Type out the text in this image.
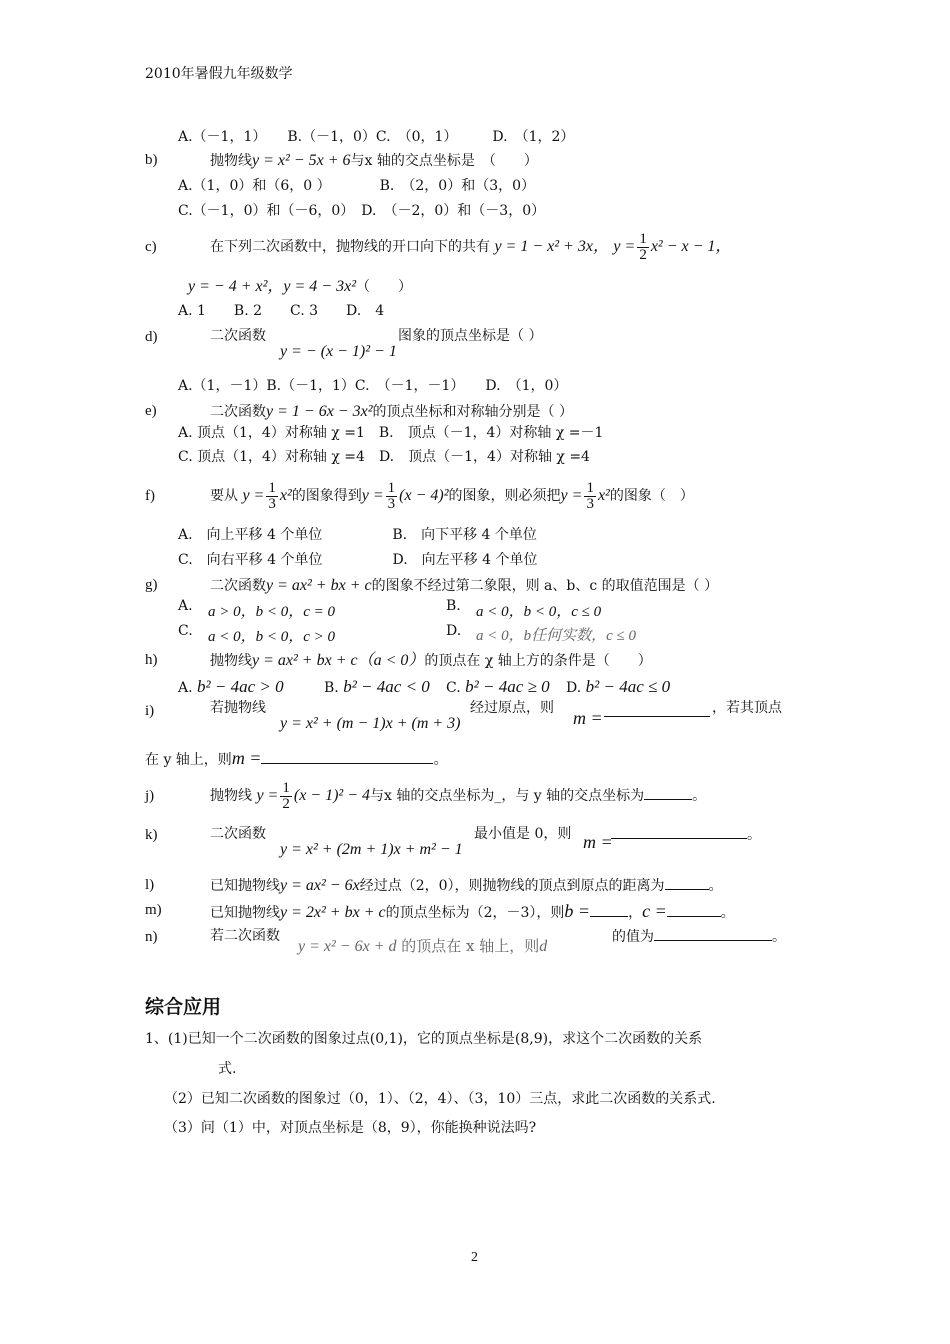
2010年暑假九年级数学
A.（－1，1）　　B.（－1，0）C.　（0，1）　　　D.　（1，2）
b)	抛物线y = x² − 5x + 6与x 轴的交点坐标是　（　　）
A.（1，0）和（6，0 ）　　　　B.　（2，0）和（3，0）
C.（－1，0）和（－6，0）　D.　（－2，0）和（－3，0）
c)	在下列二次函数中，抛物线的开口向下的共有 y = 1 − x² + 3x， $y = \frac{1}{2} x^2 - x - 1$，
y = − 4 + x²，y = 4 − 3x²（　　）
A. 1　　B. 2　　C. 3　　D.　4
d)	二次函数
y = − (x − 1)² − 1
图象的顶点坐标是（ ）
A.（1，－1）B.（－1，1）C.　（－1，－1）　　D.　（1，0）
e)	二次函数y = 1 − 6x − 3x²的顶点坐标和对称轴分别是（ ）
A. 顶点（1，4）对称轴 χ =1　B.　顶点（－1，4）对称轴 χ =－1
C. 顶点（1，4）对称轴 χ =4　D.　顶点（－1，4）对称轴 χ =4
f)	要从 $y = \frac{1}{3} x^2$的图象得到$y = \frac{1}{3} (x - 4)^2$的图象，则必须把$y = \frac{1}{3} x^2$的图象（　）
A.　向上平移 4 个单位　　　　　B.　向下平移 4 个单位
C.　向右平移 4 个单位　　　　　D.　向左平移 4 个单位
g)	二次函数y = ax² + bx + c的图象不经过第二象限，则 a、b、c 的取值范围是（ ）
A. a > 0，b < 0，c = 0	B. a < 0，b < 0，c ≤ 0
C. a < 0，b < 0，c > 0	D. a < 0，b任何实数，c ≤ 0
h)	抛物线y = ax² + bx + c（a < 0）的顶点在 χ 轴上方的条件是（　　）
A. b² − 4ac > 0	B. b² − 4ac < 0 C. b² − 4ac ≥ 0 D. b² − 4ac ≤ 0
i)	若抛物线
y = x² + (m − 1)x + (m + 3)
经过原点，则 m =	，若其顶点
在 y 轴上，则m =	。
j)	抛物线 $y = \frac{1}{2} (x - 1)^2 - 4$与x 轴的交点坐标为_，与 y 轴的交点坐标为	。
k)	二次函数
y = x² + (2m + 1)x + m² − 1
最小值是 0，则 m =	。
l)	已知抛物线y = ax² − 6x经过点（2，0），则抛物线的顶点到原点的距离为	。
m)	已知抛物线y = 2x² + bx + c的顶点坐标为（2，－3），则b =	，c =	。
n)	若二次函数
y = x² − 6x + d 的顶点在 x 轴上，则d
的值为	。
综合应用
1、(1)已知一个二次函数的图象过点(0,1)，它的顶点坐标是(8,9)，求这个二次函数的关系
式.
（2）已知二次函数的图象过（0，1）、（2，4）、（3，10）三点，求此二次函数的关系式.
（3）问（1）中，对顶点坐标是（8，9），你能换种说法吗?
2
